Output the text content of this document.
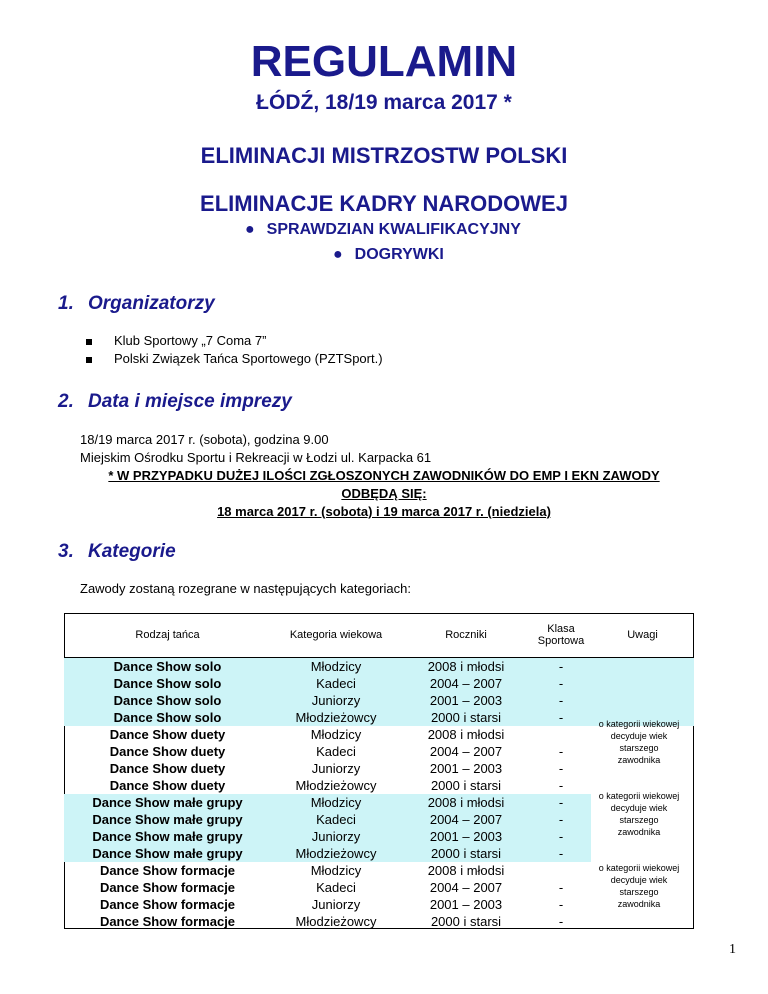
REGULAMIN
ŁÓDŹ, 18/19 marca 2017 *
ELIMINACJI MISTRZOSTW POLSKI
ELIMINACJE KADRY NARODOWEJ
● SPRAWDZIAN KWALIFIKACYJNY
● DOGRYWKI
1. Organizatorzy
Klub Sportowy „7 Coma 7”
Polski Związek Tańca Sportowego (PZTSport.)
2. Data i miejsce imprezy
18/19 marca 2017 r. (sobota), godzina 9.00
Miejskim Ośrodku Sportu i Rekreacji w Łodzi ul. Karpacka 61
* W PRZYPADKU DUŻEJ ILOŚCI ZGŁOSZONYCH ZAWODNIKÓW DO EMP I EKN ZAWODY
ODBĘDĄ SIĘ:
18 marca 2017 r. (sobota) i 19 marca 2017 r. (niedziela)
3. Kategorie
Zawody zostaną rozegrane w następujących kategoriach:
Rodzaj tańca	Kategoria wiekowa	Roczniki	Klasa Sportowa	Uwagi
Dance Show solo	Młodzicy	2008 i młodsi	-	
Dance Show solo	Kadeci	2004 – 2007	-	
Dance Show solo	Juniorzy	2001 – 2003	-	
Dance Show solo	Młodzieżowcy	2000 i starsi	-	
Dance Show duety	Młodzicy	2008 i młodsi		
Dance Show duety	Kadeci	2004 – 2007	-	
Dance Show duety	Juniorzy	2001 – 2003	-	
Dance Show duety	Młodzieżowcy	2000 i starsi	-	
Dance Show małe grupy	Młodzicy	2008 i młodsi	-	
Dance Show małe grupy	Kadeci	2004 – 2007	-	
Dance Show małe grupy	Juniorzy	2001 – 2003	-	
Dance Show małe grupy	Młodzieżowcy	2000 i starsi	-	
Dance Show formacje	Młodzicy	2008 i młodsi		
Dance Show formacje	Kadeci	2004 – 2007	-	
Dance Show formacje	Juniorzy	2001 – 2003	-	
Dance Show formacje	Młodzieżowcy	2000 i starsi	-	
o kategorii wiekowej decyduje wiek starszego zawodnika
o kategorii wiekowej decyduje wiek starszego zawodnika
o kategorii wiekowej decyduje wiek starszego zawodnika
1
